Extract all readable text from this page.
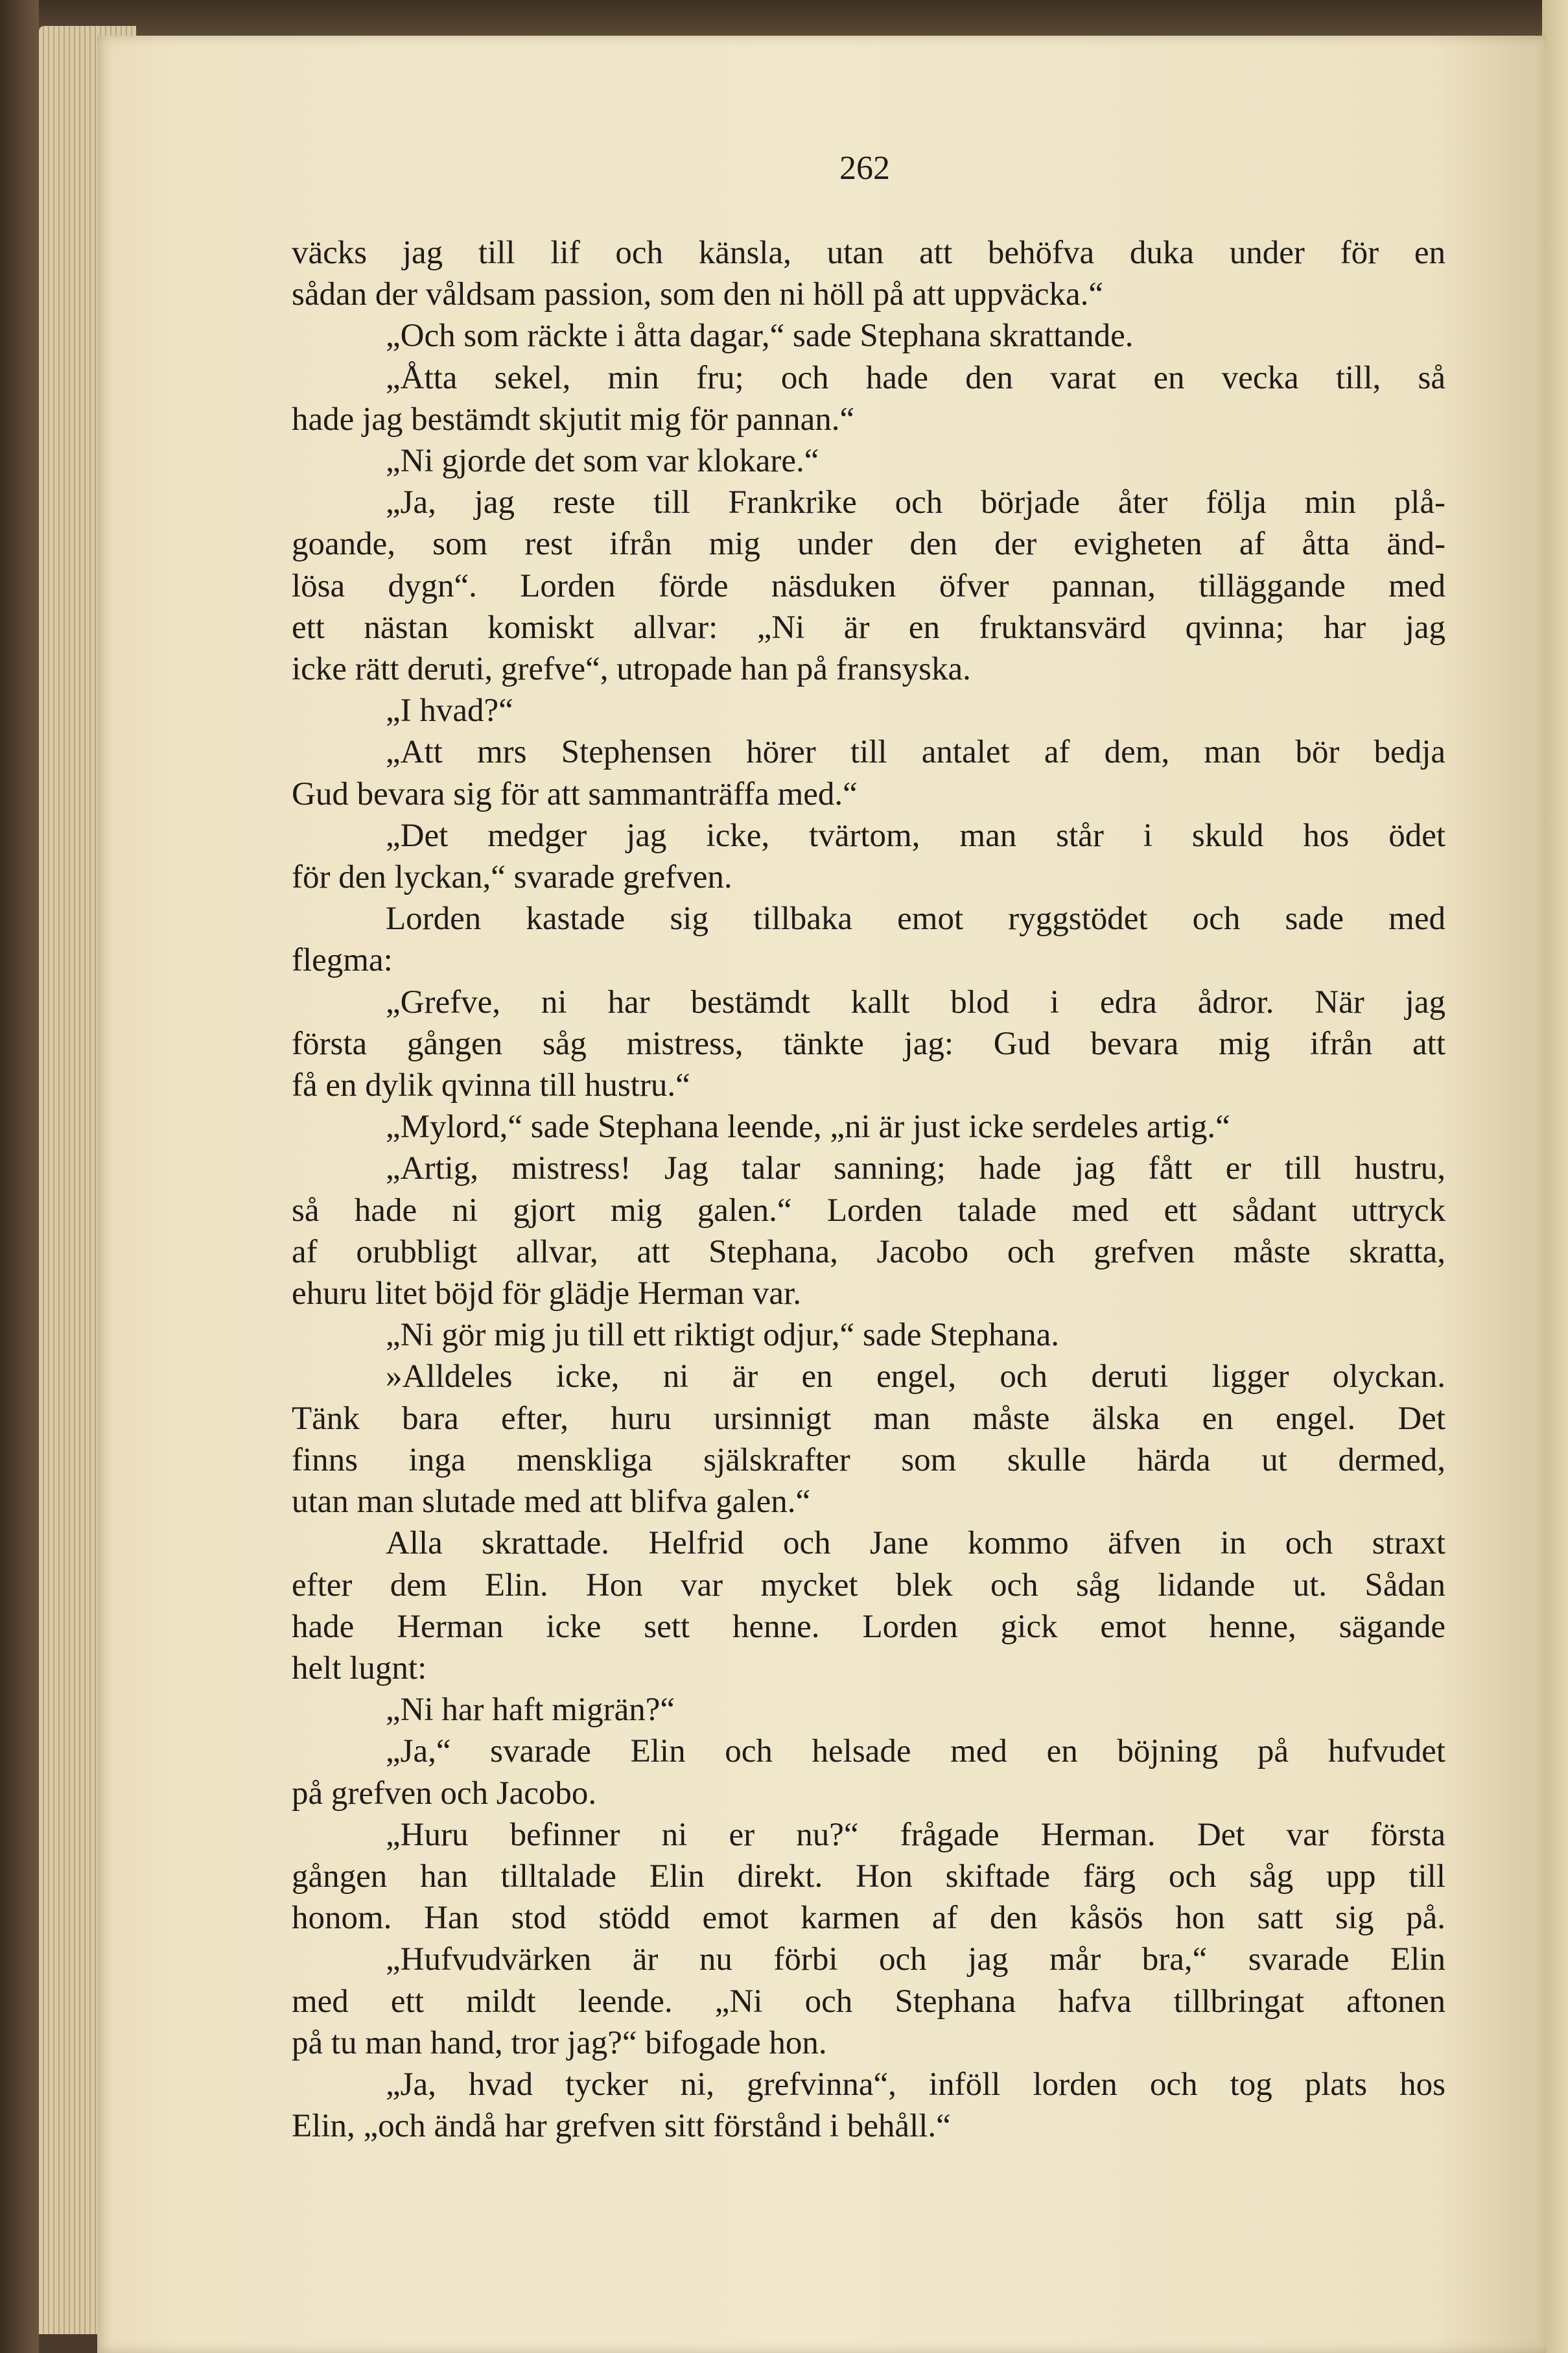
262
väcks jag till lif och känsla, utan att behöfva duka under för en
sådan der våldsam passion, som den ni höll på att uppväcka.“
„Och som räckte i åtta dagar,“ sade Stephana skrattande.
„Åtta sekel, min fru; och hade den varat en vecka till, så
hade jag bestämdt skjutit mig för pannan.“
„Ni gjorde det som var klokare.“
„Ja, jag reste till Frankrike och började åter följa min plå-
goande, som rest ifrån mig under den der evigheten af åtta änd-
lösa dygn“. Lorden förde näsduken öfver pannan, tilläggande med
ett nästan komiskt allvar: „Ni är en fruktansvärd qvinna; har jag
icke rätt deruti, grefve“, utropade han på fransyska.
„I hvad?“
„Att mrs Stephensen hörer till antalet af dem, man bör bedja
Gud bevara sig för att sammanträffa med.“
„Det medger jag icke, tvärtom, man står i skuld hos ödet
för den lyckan,“ svarade grefven.
Lorden kastade sig tillbaka emot ryggstödet och sade med
flegma:
„Grefve, ni har bestämdt kallt blod i edra ådror. När jag
första gången såg mistress, tänkte jag: Gud bevara mig ifrån att
få en dylik qvinna till hustru.“
„Mylord,“ sade Stephana leende, „ni är just icke serdeles artig.“
„Artig, mistress! Jag talar sanning; hade jag fått er till hustru,
så hade ni gjort mig galen.“ Lorden talade med ett sådant uttryck
af orubbligt allvar, att Stephana, Jacobo och grefven måste skratta,
ehuru litet böjd för glädje Herman var.
„Ni gör mig ju till ett riktigt odjur,“ sade Stephana.
»Alldeles icke, ni är en engel, och deruti ligger olyckan.
Tänk bara efter, huru ursinnigt man måste älska en engel. Det
finns inga menskliga själskrafter som skulle härda ut dermed,
utan man slutade med att blifva galen.“
Alla skrattade. Helfrid och Jane kommo äfven in och straxt
efter dem Elin. Hon var mycket blek och såg lidande ut. Sådan
hade Herman icke sett henne. Lorden gick emot henne, sägande
helt lugnt:
„Ni har haft migrän?“
„Ja,“ svarade Elin och helsade med en böjning på hufvudet
på grefven och Jacobo.
„Huru befinner ni er nu?“ frågade Herman. Det var första
gången han tilltalade Elin direkt. Hon skiftade färg och såg upp till
honom. Han stod stödd emot karmen af den kåsös hon satt sig på.
„Hufvudvärken är nu förbi och jag mår bra,“ svarade Elin
med ett mildt leende. „Ni och Stephana hafva tillbringat aftonen
på tu man hand, tror jag?“ bifogade hon.
„Ja, hvad tycker ni, grefvinna“, inföll lorden och tog plats hos
Elin, „och ändå har grefven sitt förstånd i behåll.“
